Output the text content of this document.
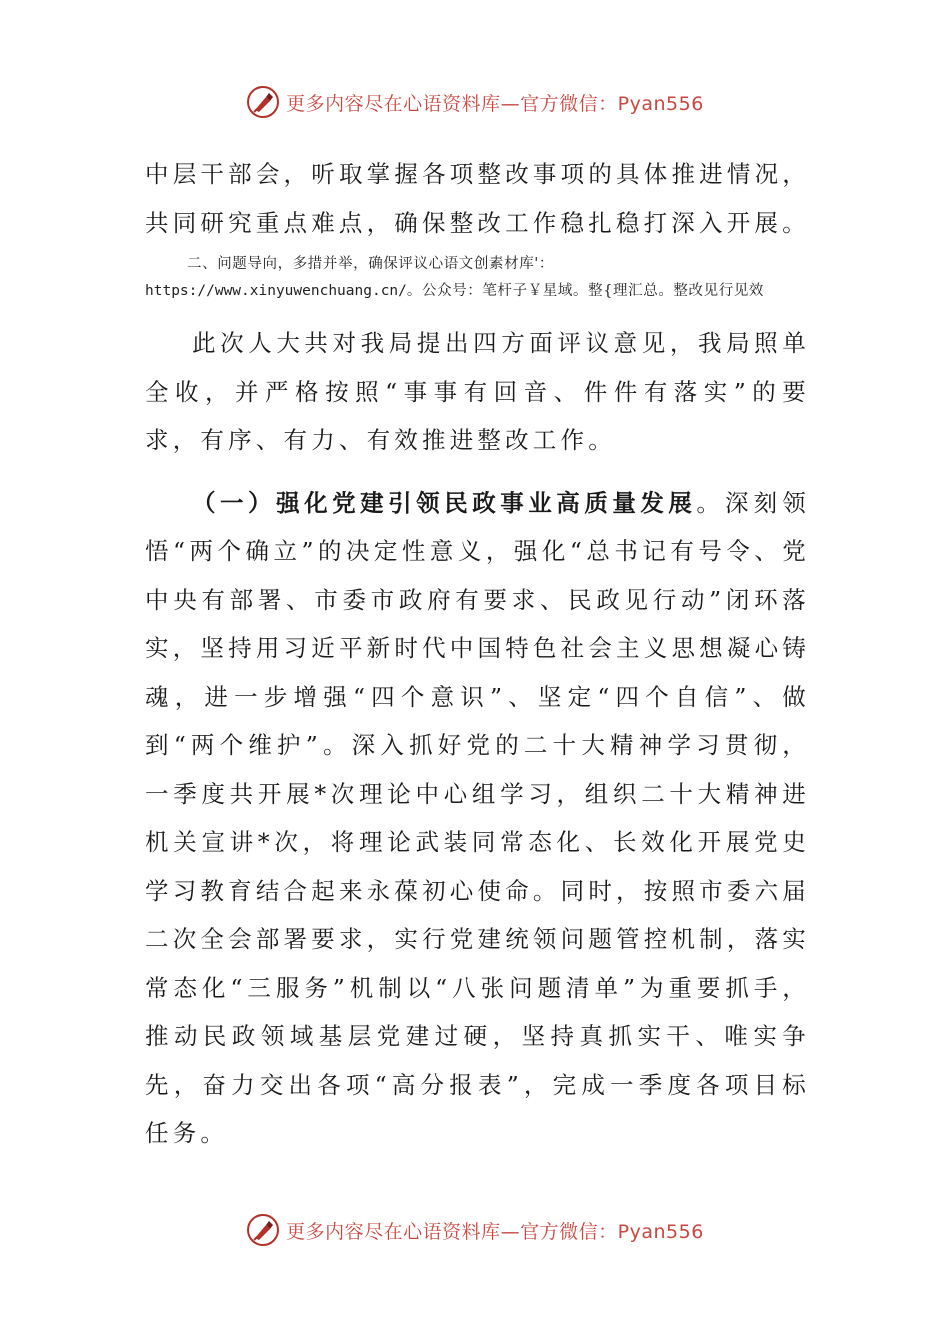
更多内容尽在心语资料库—官方微信：Pyan556

中层干部会，听取掌握各项整改事项的具体推进情况，共同研究重点难点，确保整改工作稳扎稳打深入开展。

二、问题导向，多措并举，确保评议心语文创素材库'：https://www.xinyuwenchuang.cn/。公众号：笔杆子￥星域。整{理汇总。整改见行见效

此次人大共对我局提出四方面评议意见，我局照单全收，并严格按照“事事有回音、件件有落实”的要求，有序、有力、有效推进整改工作。

（一）强化党建引领民政事业高质量发展。深刻领悟“两个确立”的决定性意义，强化“总书记有号令、党中央有部署、市委市政府有要求、民政见行动”闭环落实，坚持用习近平新时代中国特色社会主义思想凝心铸魂，进一步增强“四个意识”、坚定“四个自信”、做到“两个维护”。深入抓好党的二十大精神学习贯彻，一季度共开展*次理论中心组学习，组织二十大精神进机关宣讲*次，将理论武装同常态化、长效化开展党史学习教育结合起来永葆初心使命。同时，按照市委六届二次全会部署要求，实行党建统领问题管控机制，落实常态化“三服务”机制以“八张问题清单”为重要抓手，推动民政领域基层党建过硬，坚持真抓实干、唯实争先，奋力交出各项“高分报表”，完成一季度各项目标任务。

更多内容尽在心语资料库—官方微信：Pyan556
